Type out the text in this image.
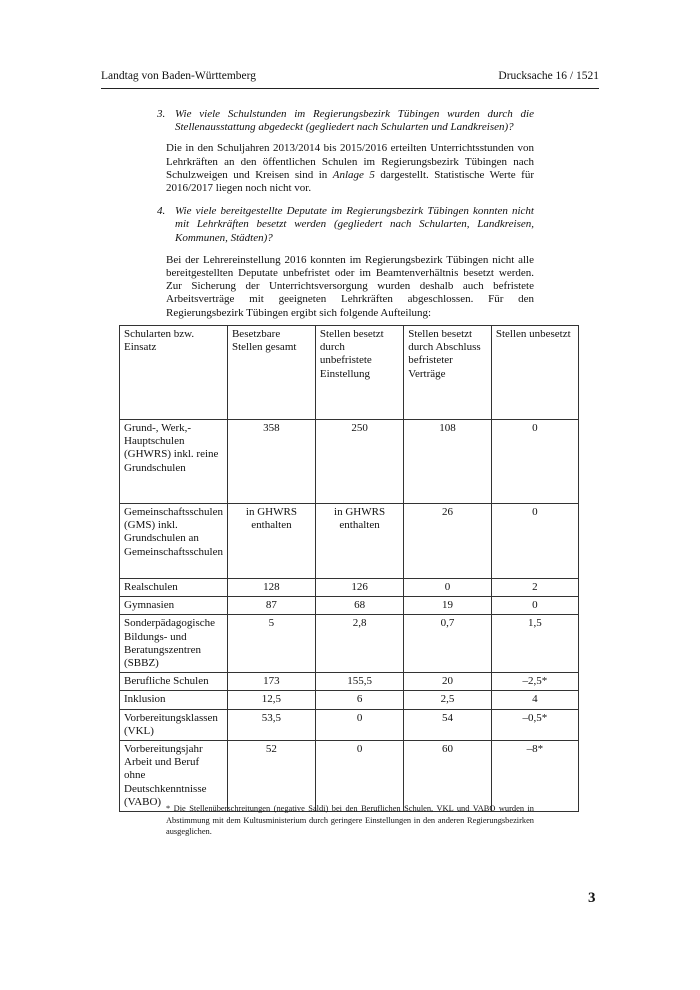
Landtag von Baden-Württemberg	Drucksache 16 / 1521

3. Wie viele Schulstunden im Regierungsbezirk Tübingen wurden durch die Stellenausstattung abgedeckt (gegliedert nach Schularten und Landkreisen)?

Die in den Schuljahren 2013/2014 bis 2015/2016 erteilten Unterrichtsstunden von Lehrkräften an den öffentlichen Schulen im Regierungsbezirk Tübingen nach Schulzweigen und Kreisen sind in Anlage 5 dargestellt. Statistische Werte für 2016/2017 liegen noch nicht vor.

4. Wie viele bereitgestellte Deputate im Regierungsbezirk Tübingen konnten nicht mit Lehrkräften besetzt werden (gegliedert nach Schularten, Landkreisen, Kommunen, Städten)?

Bei der Lehrereinstellung 2016 konnten im Regierungsbezirk Tübingen nicht alle bereitgestellten Deputate unbefristet oder im Beamtenverhältnis besetzt werden. Zur Sicherung der Unterrichtsversorgung wurden deshalb auch befristete Arbeitsverträge mit geeigneten Lehrkräften abgeschlossen. Für den Regierungsbezirk Tübingen ergibt sich folgende Aufteilung:

Schularten bzw. Einsatz	Besetzbare Stellen gesamt	Stellen besetzt durch unbefristete Einstellung	Stellen besetzt durch Abschluss befristeter Verträge	Stellen unbesetzt
Grund-, Werk,-Hauptschulen (GHWRS) inkl. reine Grundschulen	358	250	108	0
Gemeinschaftsschulen (GMS) inkl. Grundschulen an Gemeinschaftsschulen	in GHWRS enthalten	in GHWRS enthalten	26	0
Realschulen	128	126	0	2
Gymnasien	87	68	19	0
Sonderpädagogische Bildungs- und Beratungszentren (SBBZ)	5	2,8	0,7	1,5
Berufliche Schulen	173	155,5	20	–2,5*
Inklusion	12,5	6	2,5	4
Vorbereitungsklassen (VKL)	53,5	0	54	–0,5*
Vorbereitungsjahr Arbeit und Beruf ohne Deutschkenntnisse (VABO)	52	0	60	–8*
* Die Stellenüberschreitungen (negative Saldi) bei den Beruflichen Schulen, VKL und VABO wurden in Abstimmung mit dem Kultusministerium durch geringere Einstellungen in den anderen Regierungsbezirken ausgeglichen.
3
